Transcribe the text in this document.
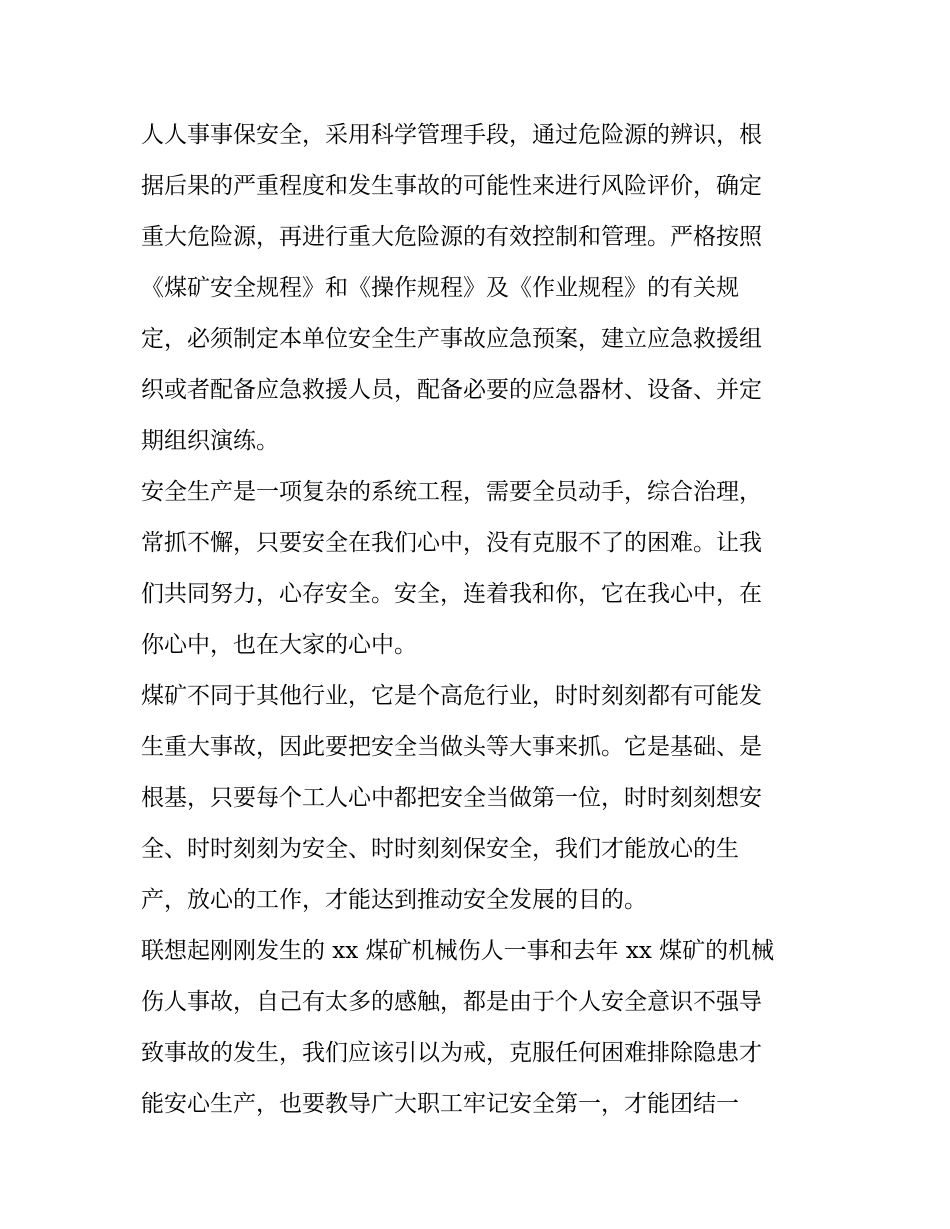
人人事事保安全，采用科学管理手段，通过危险源的辨识，根
据后果的严重程度和发生事故的可能性来进行风险评价，确定
重大危险源，再进行重大危险源的有效控制和管理。严格按照
《煤矿安全规程》和《操作规程》及《作业规程》的有关规
定，必须制定本单位安全生产事故应急预案，建立应急救援组
织或者配备应急救援人员，配备必要的应急器材、设备、并定
期组织演练。
安全生产是一项复杂的系统工程，需要全员动手，综合治理，
常抓不懈，只要安全在我们心中，没有克服不了的困难。让我
们共同努力，心存安全。安全，连着我和你，它在我心中，在
你心中，也在大家的心中。
煤矿不同于其他行业，它是个高危行业，时时刻刻都有可能发
生重大事故，因此要把安全当做头等大事来抓。它是基础、是
根基，只要每个工人心中都把安全当做第一位，时时刻刻想安
全、时时刻刻为安全、时时刻刻保安全，我们才能放心的生
产，放心的工作，才能达到推动安全发展的目的。
联想起刚刚发生的 xx 煤矿机械伤人一事和去年 xx 煤矿的机械
伤人事故，自己有太多的感触，都是由于个人安全意识不强导
致事故的发生，我们应该引以为戒，克服任何困难排除隐患才
能安心生产，也要教导广大职工牢记安全第一，才能团结一
